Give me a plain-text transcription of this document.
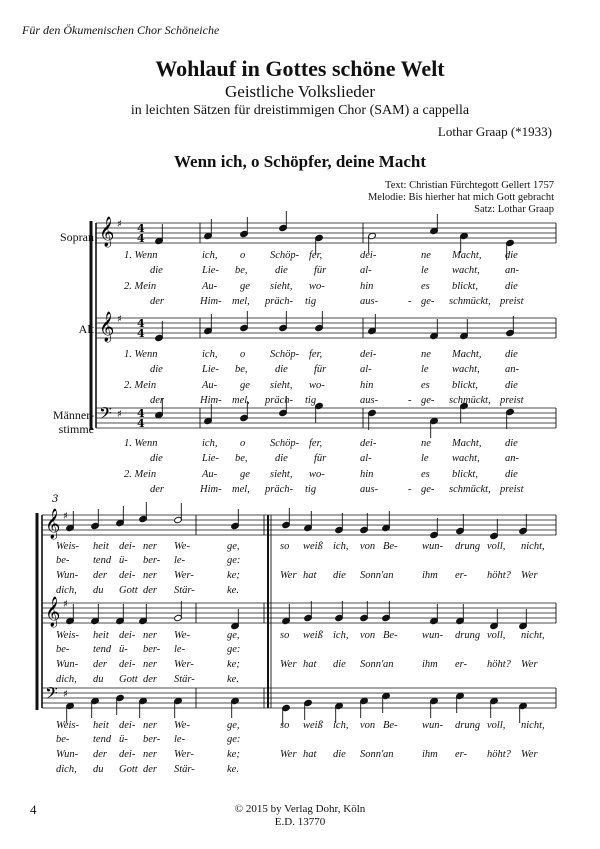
Für den Ökumenischen Chor Schöneiche
Wohlauf in Gottes schöne Welt
Geistliche Volkslieder
in leichten Sätzen für dreistimmigen Chor (SAM) a cappella
Lothar Graap (*1933)
Wenn ich, o Schöpfer, deine Macht
Text: Christian Fürchtegott Gellert 1757
Melodie: Bis hierher hat mich Gott gebracht
Satz: Lothar Graap
Sopran
Alt
Männer-
stimme
𝄞 ♯ 4
4
𝄞 ♯ 4
4
𝄢 ♯ 4
4
𝄞 ♯
𝄞 ♯
𝄢 ♯
3
1. Wenn	ich, o Schöp- fer,	dei-	ne Macht, die
die	Lie- be,	die für	al-	le wacht, an-
2. Mein	Au- ge sieht, wo-	hin	es blickt,	die
der	Him- mel, präch- tig	aus-	- ge- schmückt, preist
1. Wenn	ich, o Schöp- fer,	dei-	ne Macht, die
die	Lie- be,	die für	al-	le wacht, an-
2. Mein	Au- ge sieht, wo-	hin	es blickt,	die
der	Him- mel, präch- tig	aus-	- ge- schmückt, preist
1. Wenn	ich, o Schöp- fer,	dei-	ne Macht, die
die	Lie- be,	die für	al-	le wacht, an-
2. Mein	Au- ge sieht, wo-	hin	es blickt,	die
der	Him- mel, präch- tig	aus-	- ge- schmückt, preist
Weis- heit dei- ner We-	ge,	so weiß ich, von Be- wun- drung voll, nicht,
be- tend ü- ber- le-	ge:
Wun- der dei- ner Wer-	ke;	Wer hat die Sonn' an	ihm er- höht? Wer
dich, du Gott der Stär-	ke.
Weis- heit dei- ner We-	ge,	so weiß ich, von Be- wun- drung voll, nicht,
be- tend ü- ber- le-	ge:
Wun- der dei- ner Wer-	ke;	Wer hat die Sonn' an	ihm er- höht? Wer
dich, du Gott der Stär-	ke.
Weis- heit dei- ner We-	ge,	so weiß ich, von Be- wun- drung voll, nicht,
be- tend ü- ber- le-	ge:
Wun- der dei- ner Wer-	ke;	Wer hat die Sonn' an	ihm er- höht? Wer
dich, du Gott der Stär-	ke.
4	© 2015 by Verlag Dohr, Köln
E.D. 13770
